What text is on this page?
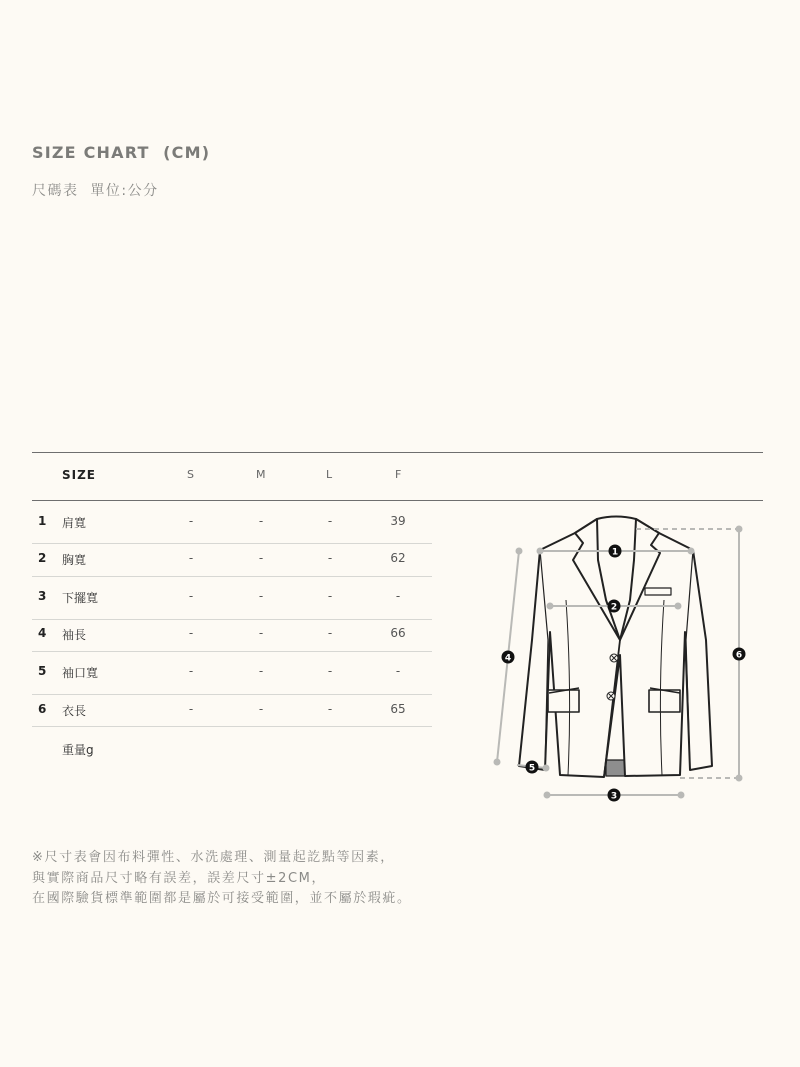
SIZE CHART  (CM)

尺碼表  單位:公分

SIZE	S	M	L	F
1 肩寬	-	-	-	39
2 胸寬	-	-	-	62
3 下擺寬	-	-	-	-
4 袖長	-	-	-	66
5 袖口寬	-	-	-	-
6 衣長	-	-	-	65
重量g
1
2
3
4
5
6
※尺寸表會因布料彈性、水洗處理、測量起訖點等因素，
與實際商品尺寸略有誤差，誤差尺寸±2CM，
在國際驗貨標準範圍都是屬於可接受範圍，並不屬於瑕疵。
